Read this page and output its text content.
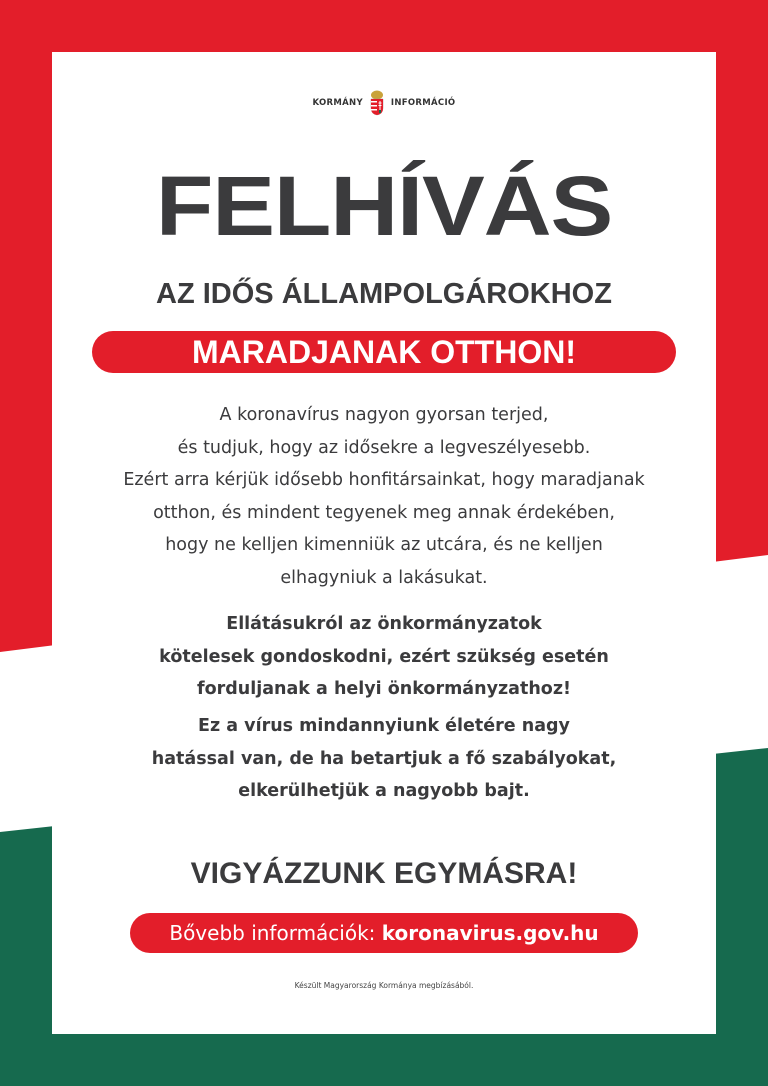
KORMÁNY	INFORMÁCIÓ
FELHÍVÁS
AZ IDŐS ÁLLAMPOLGÁROKHOZ
MARADJANAK OTTHON!
A koronavírus nagyon gyorsan terjed,
és tudjuk, hogy az idősekre a legveszélyesebb.
Ezért arra kérjük idősebb honfitársainkat, hogy maradjanak
otthon, és mindent tegyenek meg annak érdekében,
hogy ne kelljen kimenniük az utcára, és ne kelljen
elhagyniuk a lakásukat.
Ellátásukról az önkormányzatok
kötelesek gondoskodni, ezért szükség esetén
forduljanak a helyi önkormányzathoz!
Ez a vírus mindannyiunk életére nagy
hatással van, de ha betartjuk a fő szabályokat,
elkerülhetjük a nagyobb bajt.
VIGYÁZZUNK EGYMÁSRA!
Bővebb információk: koronavirus.gov.hu
Készült Magyarország Kormánya megbízásából.
